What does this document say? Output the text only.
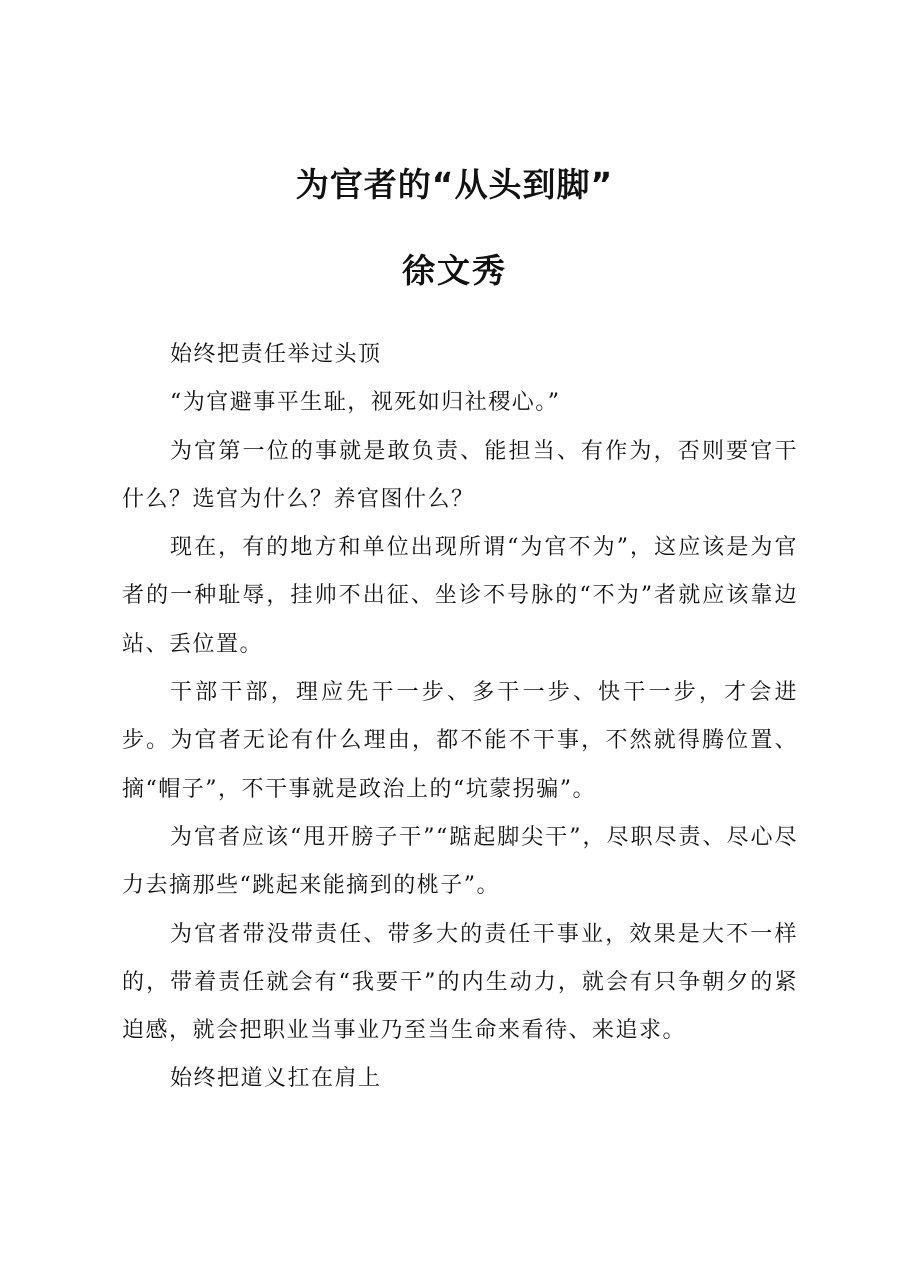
为官者的“从头到脚”
徐文秀

始终把责任举过头顶

“为官避事平生耻，视死如归社稷心。”

为官第一位的事就是敢负责、能担当、有作为，否则要官干什么？选官为什么？养官图什么？

现在，有的地方和单位出现所谓“为官不为”，这应该是为官者的一种耻辱，挂帅不出征、坐诊不号脉的“不为”者就应该靠边站、丢位置。

干部干部，理应先干一步、多干一步、快干一步，才会进步。为官者无论有什么理由，都不能不干事，不然就得腾位置、摘“帽子”，不干事就是政治上的“坑蒙拐骗”。

为官者应该“甩开膀子干”“踮起脚尖干”，尽职尽责、尽心尽力去摘那些“跳起来能摘到的桃子”。

为官者带没带责任、带多大的责任干事业，效果是大不一样的，带着责任就会有“我要干”的内生动力，就会有只争朝夕的紧迫感，就会把职业当事业乃至当生命来看待、来追求。

始终把道义扛在肩上
